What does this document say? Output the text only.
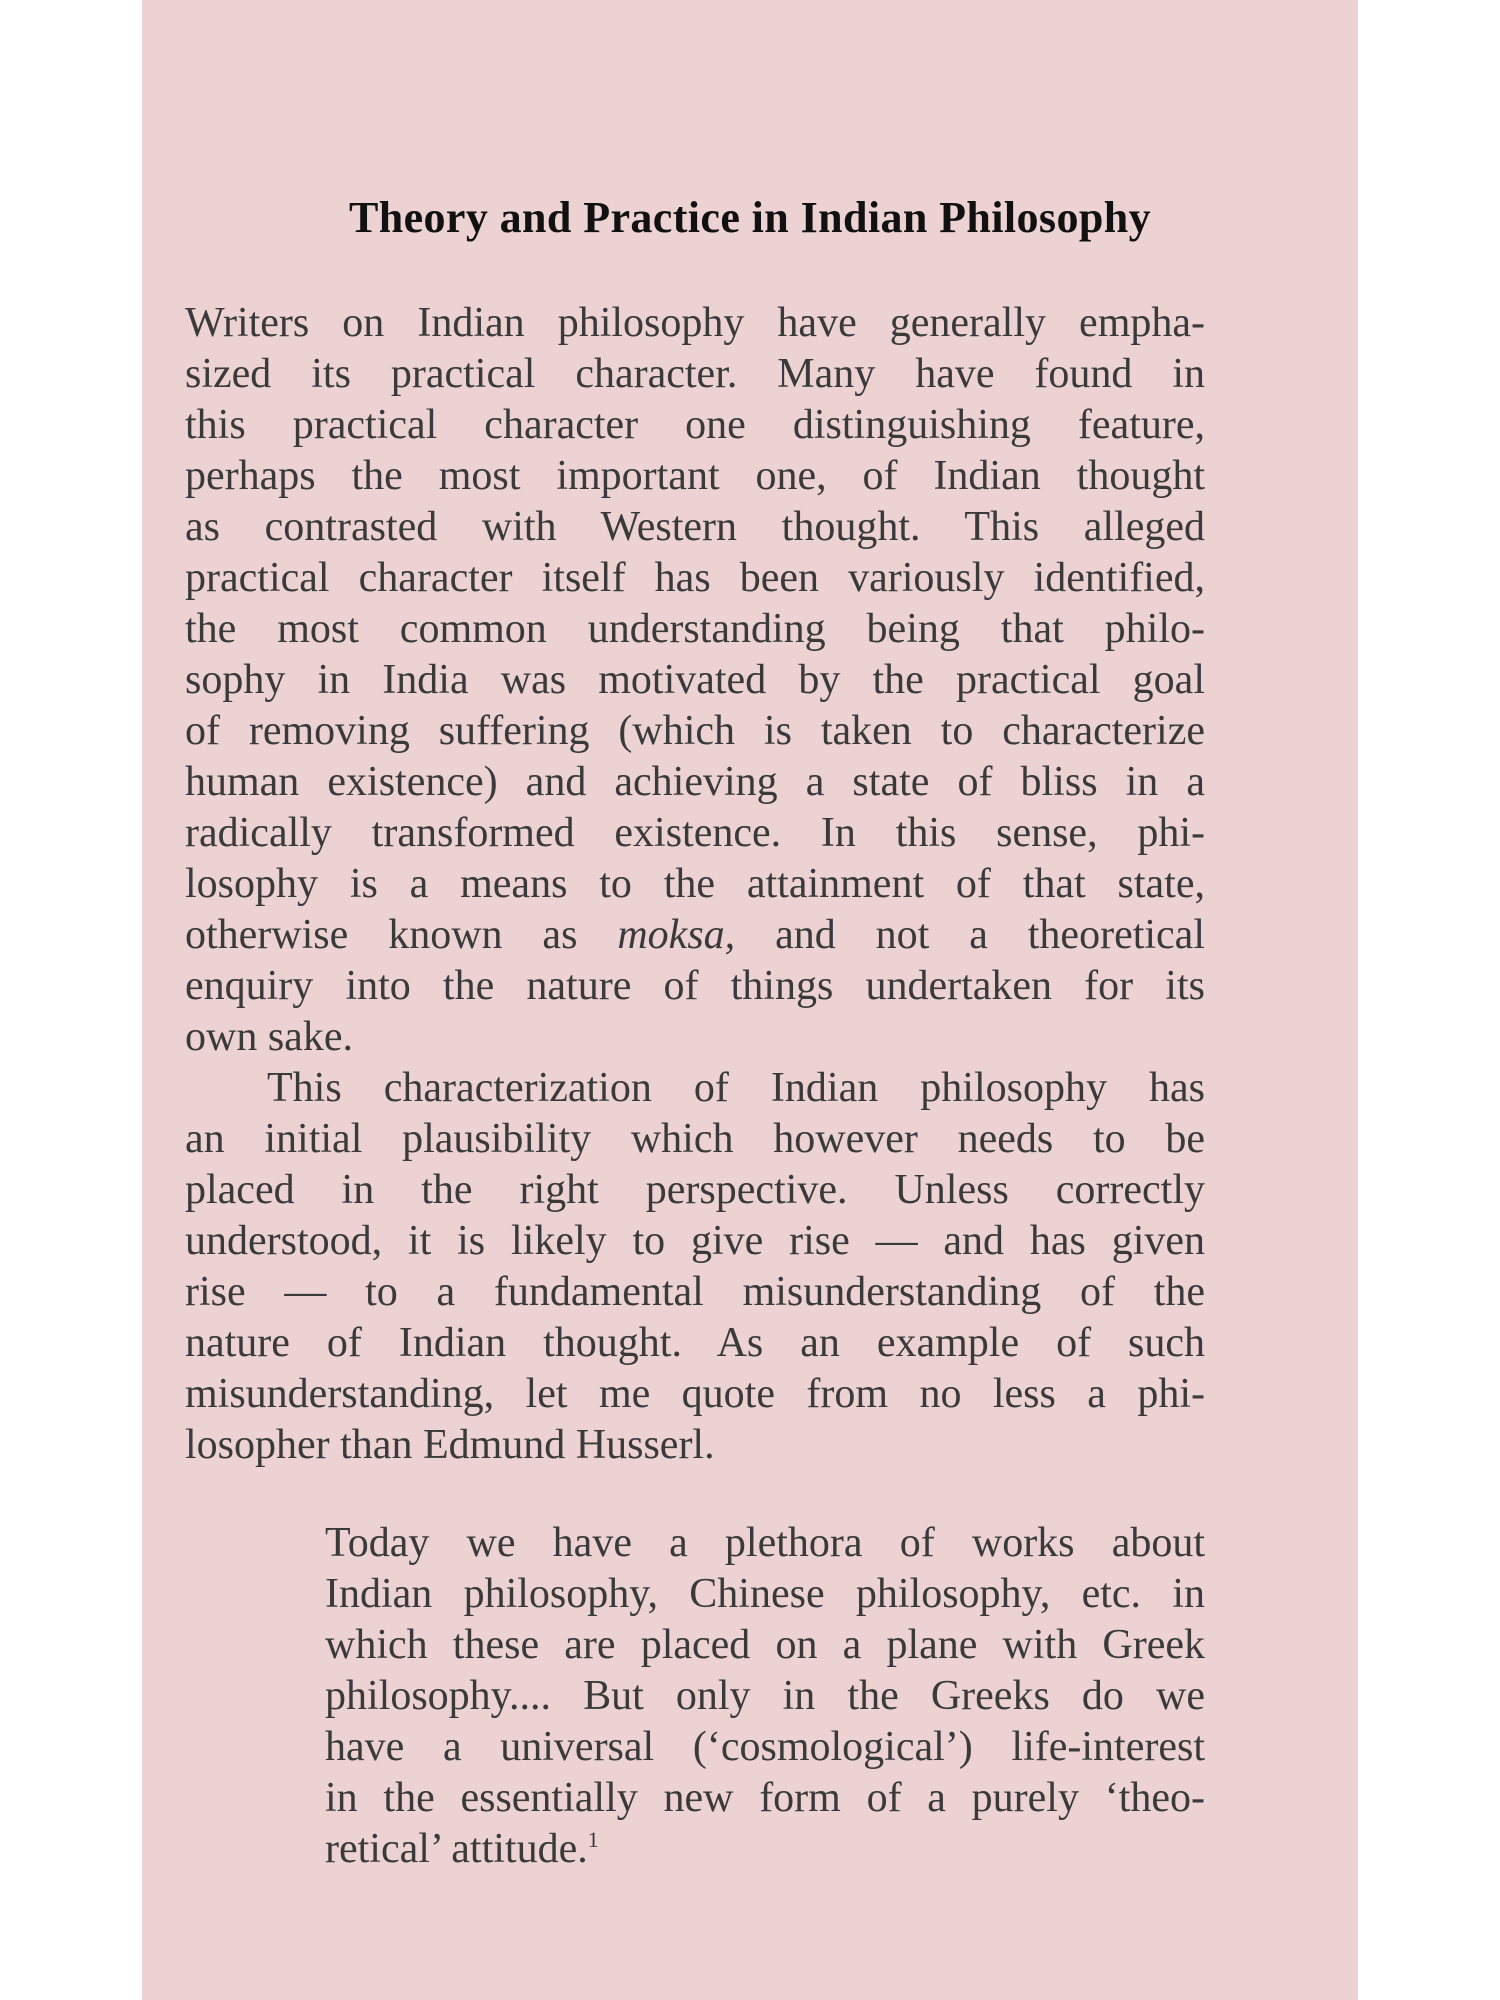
Theory and Practice in Indian Philosophy
Writers on Indian philosophy have generally empha-
sized its practical character. Many have found in
this practical character one distinguishing feature,
perhaps the most important one, of Indian thought
as contrasted with Western thought. This alleged
practical character itself has been variously identified,
the most common understanding being that philo-
sophy in India was motivated by the practical goal
of removing suffering (which is taken to characterize
human existence) and achieving a state of bliss in a
radically transformed existence. In this sense, phi-
losophy is a means to the attainment of that state,
otherwise known as moksa, and not a theoretical
enquiry into the nature of things undertaken for its
own sake.
This characterization of Indian philosophy has
an initial plausibility which however needs to be
placed in the right perspective. Unless correctly
understood, it is likely to give rise — and has given
rise — to a fundamental misunderstanding of the
nature of Indian thought. As an example of such
misunderstanding, let me quote from no less a phi-
losopher than Edmund Husserl.
Today we have a plethora of works about
Indian philosophy, Chinese philosophy, etc. in
which these are placed on a plane with Greek
philosophy.... But only in the Greeks do we
have a universal (‘cosmological’) life-interest
in the essentially new form of a purely ‘theo-
retical’ attitude.$^1$
